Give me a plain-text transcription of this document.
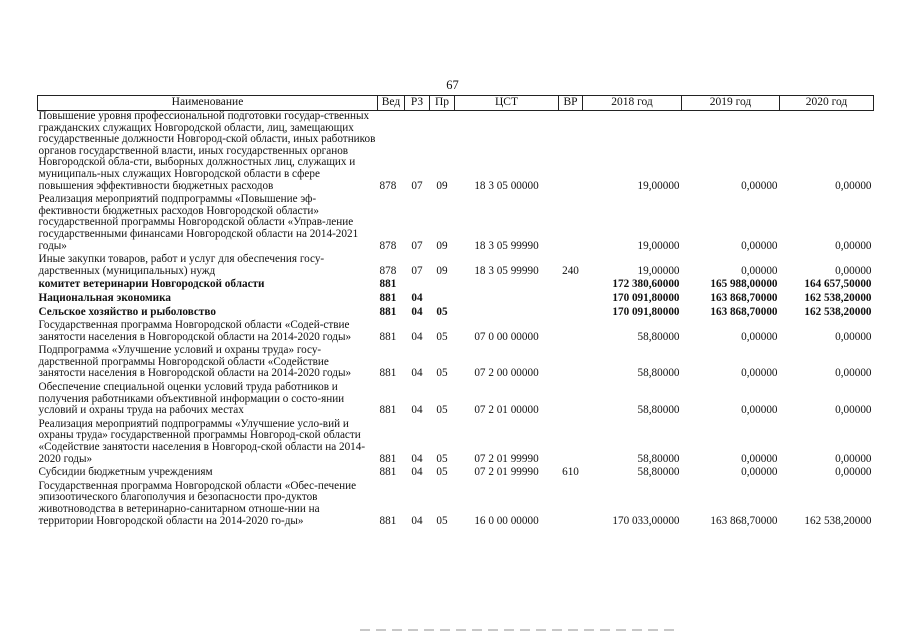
67
Наименование	Вед	РЗ	Пр	ЦСТ	ВР	2018 год	2019 год	2020 год
Повышение уровня профессиональной подготовки государ-ственных гражданских служащих Новгородской области, лиц, замещающих государственные должности Новгород-ской области, иных работников органов государственной власти, иных государственных органов Новгородской обла-сти, выборных должностных лиц, служащих и муниципаль-ных служащих Новгородской области в сфере повышения эффективности бюджетных расходов	878	07	09	18 3 05 00000		19,00000	0,00000	0,00000
Реализация мероприятий подпрограммы «Повышение эф-фективности бюджетных расходов Новгородской области» государственной программы Новгородской области «Управ-ление государственными финансами Новгородской области на 2014-2021 годы»	878	07	09	18 3 05 99990		19,00000	0,00000	0,00000
Иные закупки товаров, работ и услуг для обеспечения госу-дарственных (муниципальных) нужд	878	07	09	18 3 05 99990	240	19,00000	0,00000	0,00000
комитет ветеринарии Новгородской области	881					172 380,60000	165 988,00000	164 657,50000
Национальная экономика	881	04				170 091,80000	163 868,70000	162 538,20000
Сельское хозяйство и рыболовство	881	04	05			170 091,80000	163 868,70000	162 538,20000
Государственная программа Новгородской области «Содей-ствие занятости населения в Новгородской области на 2014-2020 годы»	881	04	05	07 0 00 00000		58,80000	0,00000	0,00000
Подпрограмма «Улучшение условий и охраны труда» госу-дарственной программы Новгородской области «Содействие занятости населения в Новгородской области на 2014-2020 годы»	881	04	05	07 2 00 00000		58,80000	0,00000	0,00000
Обеспечение специальной оценки условий труда работников и получения работниками объективной информации о состо-янии условий и охраны труда на рабочих местах	881	04	05	07 2 01 00000		58,80000	0,00000	0,00000
Реализация мероприятий подпрограммы «Улучшение усло-вий и охраны труда» государственной программы Новгород-ской области «Содействие занятости населения в Новгород-ской области на 2014-2020 годы»	881	04	05	07 2 01 99990		58,80000	0,00000	0,00000
Субсидии бюджетным учреждениям	881	04	05	07 2 01 99990	610	58,80000	0,00000	0,00000
Государственная программа Новгородской области «Обес-печение эпизоотического благополучия и безопасности про-дуктов животноводства в ветеринарно-санитарном отношe-нии на территории Новгородской области на 2014-2020 го-ды»	881	04	05	16 0 00 00000		170 033,00000	163 868,70000	162 538,20000
